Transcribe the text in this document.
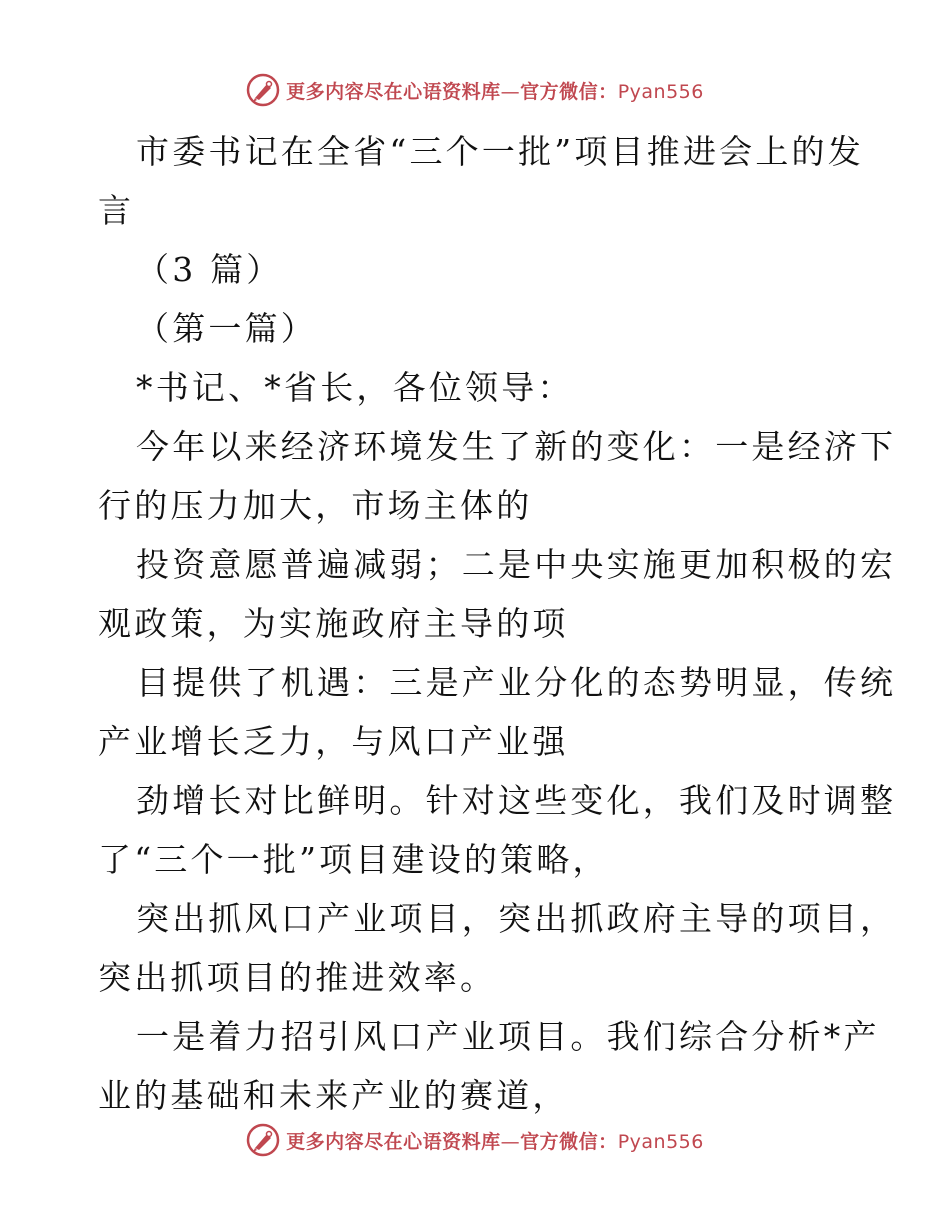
更多内容尽在心语资料库—官方微信：Pyan556
市委书记在全省“三个一批”项目推进会上的发
言
（3 篇）
（第一篇）
*书记、*省长，各位领导：
今年以来经济环境发生了新的变化：一是经济下
行的压力加大，市场主体的
投资意愿普遍减弱；二是中央实施更加积极的宏
观政策，为实施政府主导的项
目提供了机遇：三是产业分化的态势明显，传统
产业增长乏力，与风口产业强
劲增长对比鲜明。针对这些变化，我们及时调整
了“三个一批”项目建设的策略，
突出抓风口产业项目，突出抓政府主导的项目，
突出抓项目的推进效率。
一是着力招引风口产业项目。我们综合分析*产
业的基础和未来产业的赛道，
更多内容尽在心语资料库—官方微信：Pyan556
